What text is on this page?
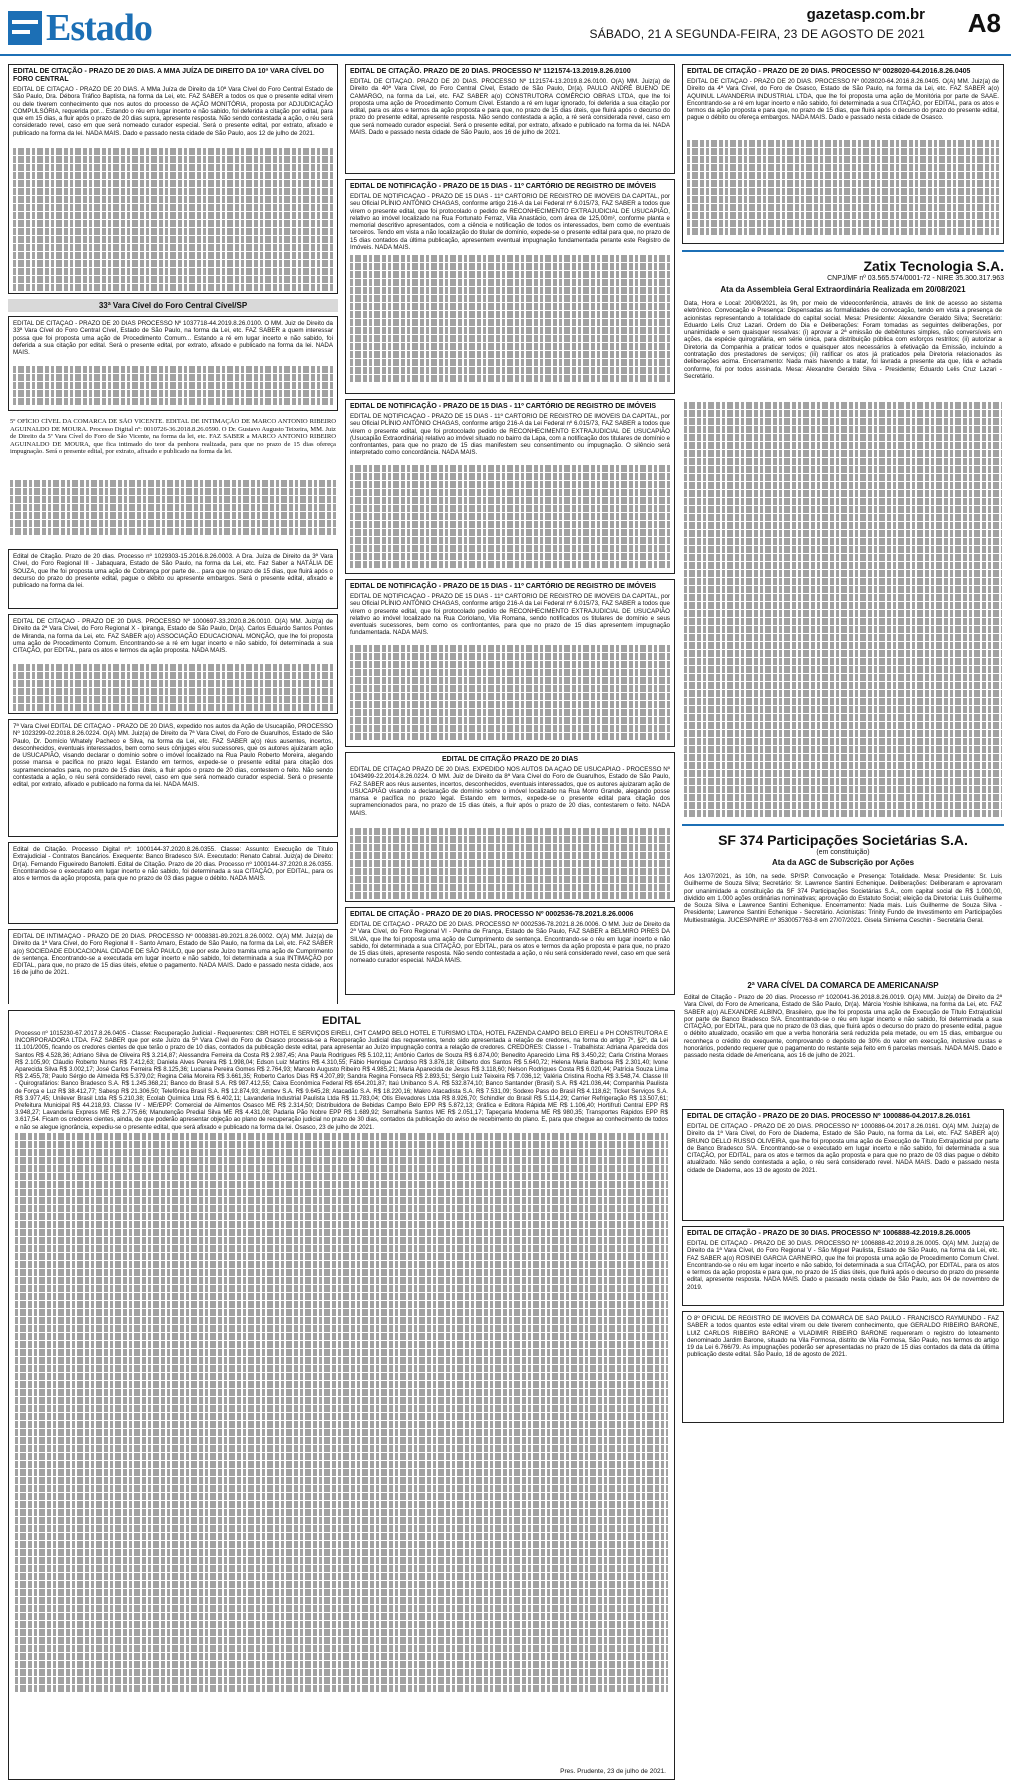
Estado	gazetasp.com.br
SÁBADO, 21 A SEGUNDA-FEIRA, 23 DE AGOSTO DE 2021 A8
EDITAL DE CITAÇÃO - PRAZO DE 20 DIAS. A MMA JUÍZA DE DIREITO DA 10ª VARA CÍVEL DO FORO CENTRAL
EDITAL DE CITAÇÃO - PRAZO DE 20 DIAS. A MMa Juíza de Direito da 10ª Vara Cível do Foro Central Estado de São Paulo, Dra. Débora Tráfico Baptista, na forma da Lei, etc. FAZ SABER a todos os que o presente edital virem ou dele tiverem conhecimento que nos autos do processo de AÇÃO MONITÓRIA, proposta por ADJUDICAÇÃO COMPULSÓRIA, requerida por... Estando o réu em lugar incerto e não sabido, foi deferida a citação por edital, para que em 15 dias, a fluir após o prazo de 20 dias supra, apresente resposta. Não sendo contestada a ação, o réu será considerado revel, caso em que será nomeado curador especial. Será o presente edital, por extrato, afixado e publicado na forma da lei. NADA MAIS. Dado e passado nesta cidade de São Paulo, aos 12 de julho de 2021.
33ª Vara Cível do Foro Central Cível/SP
EDITAL DE CITAÇÃO - PRAZO DE 20 DIAS PROCESSO Nº 1037718-44.2019.8.26.0100. O MM. Juiz de Direito da 33ª Vara Cível do Foro Central Cível, Estado de São Paulo, na forma da Lei, etc. FAZ SABER a quem interessar possa que foi proposta uma ação de Procedimento Comum... Estando a ré em lugar incerto e não sabido, foi deferida a sua citação por edital. Será o presente edital, por extrato, afixado e publicado na forma da lei. NADA MAIS.
5º OFÍCIO CÍVEL DA COMARCA DE SÃO VICENTE. EDITAL DE INTIMAÇÃO DE MARCO ANTONIO RIBEIRO AGUINALDO DE MOURA. Processo Digital nº: 0010726-36.2018.8.26.0590. O Dr. Gustavo Augusto Teixeira, MM. Juiz de Direito da 5ª Vara Cível do Foro de São Vicente, na forma da lei, etc. FAZ SABER a MARCO ANTONIO RIBEIRO AGUINALDO DE MOURA, que fica intimado do teor da penhora realizada, para que no prazo de 15 dias ofereça impugnação. Será o presente edital, por extrato, afixado e publicado na forma da lei.
Edital de Citação. Prazo de 20 dias. Processo nº 1029303-15.2016.8.26.0003. A Dra. Juíza de Direito da 3ª Vara Cível, do Foro Regional III - Jabaquara, Estado de São Paulo, na forma da Lei, etc. Faz Saber a NATÁLIA DE SOUZA, que lhe foi proposta uma ação de Cobrança por parte de... para que no prazo de 15 dias, que fluirá após o decurso do prazo do presente edital, pague o débito ou apresente embargos. Será o presente edital, afixado e publicado na forma da lei.
EDITAL DE CITAÇÃO - PRAZO DE 20 DIAS. PROCESSO Nº 1000697-33.2020.8.26.0010. O(A) MM. Juiz(a) de Direito da 2ª Vara Cível, do Foro Regional X - Ipiranga, Estado de São Paulo, Dr(a). Carlos Eduardo Santos Pontes de Miranda, na forma da Lei, etc. FAZ SABER a(o) ASSOCIAÇÃO EDUCACIONAL MONÇÃO, que lhe foi proposta uma ação de Procedimento Comum. Encontrando-se a ré em lugar incerto e não sabido, foi determinada a sua CITAÇÃO, por EDITAL, para os atos e termos da ação proposta. NADA MAIS.
7ª Vara Cível EDITAL DE CITAÇÃO - PRAZO DE 20 DIAS, expedido nos autos da Ação de Usucapião, PROCESSO Nº 1023299-02.2018.8.26.0224. O(A) MM. Juiz(a) de Direito da 7ª Vara Cível, do Foro de Guarulhos, Estado de São Paulo, Dr. Domício Whately Pacheco e Silva, na forma da Lei, etc. FAZ SABER a(o) réus ausentes, incertos, desconhecidos, eventuais interessados, bem como seus cônjuges e/ou sucessores, que os autores ajuizaram ação de USUCAPIÃO, visando declarar o domínio sobre o imóvel localizado na Rua Paulo Roberto Moreira, alegando posse mansa e pacífica no prazo legal. Estando em termos, expede-se o presente edital para citação dos supramencionados para, no prazo de 15 dias úteis, a fluir após o prazo de 20 dias, contestem o feito. Não sendo contestada a ação, o réu será considerado revel, caso em que será nomeado curador especial. Será o presente edital, por extrato, afixado e publicado na forma da lei. NADA MAIS.
Edital de Citação. Processo Digital nº: 1000144-37.2020.8.26.0355. Classe: Assunto: Execução de Título Extrajudicial - Contratos Bancários. Exequente: Banco Bradesco S/A. Executado: Renato Cabral. Juiz(a) de Direito: Dr(a). Fernando Figueiredo Bartoletti. Edital de Citação. Prazo de 20 dias. Processo nº 1000144-37.2020.8.26.0355. Encontrando-se o executado em lugar incerto e não sabido, foi determinada a sua CITAÇÃO, por EDITAL, para os atos e termos da ação proposta, para que no prazo de 03 dias pague o débito. NADA MAIS.
EDITAL DE INTIMAÇÃO - PRAZO DE 20 DIAS. PROCESSO Nº 0008381-89.2021.8.26.0002. O(A) MM. Juiz(a) de Direito da 1ª Vara Cível, do Foro Regional II - Santo Amaro, Estado de São Paulo, na forma da Lei, etc. FAZ SABER a(o) SOCIEDADE EDUCACIONAL CIDADE DE SÃO PAULO, que por este Juízo tramita uma ação de Cumprimento de sentença. Encontrando-se a executada em lugar incerto e não sabido, foi determinada a sua INTIMAÇÃO por EDITAL, para que, no prazo de 15 dias úteis, efetue o pagamento. NADA MAIS. Dado e passado nesta cidade, aos 16 de julho de 2021.
EDITAL DE CITAÇÃO. PRAZO DE 20 DIAS. PROCESSO Nº 1121574-13.2019.8.26.0100
EDITAL DE CITAÇÃO. PRAZO DE 20 DIAS. PROCESSO Nº 1121574-13.2019.8.26.0100. O(A) MM. Juiz(a) de Direito da 40ª Vara Cível, do Foro Central Cível, Estado de São Paulo, Dr(a). PAULO ANDRÉ BUENO DE CAMARGO, na forma da Lei, etc. FAZ SABER a(o) CONSTRUTORA COMÉRCIO OBRAS LTDA, que lhe foi proposta uma ação de Procedimento Comum Cível. Estando a ré em lugar ignorado, foi deferida a sua citação por edital, para os atos e termos da ação proposta e para que, no prazo de 15 dias úteis, que fluirá após o decurso do prazo do presente edital, apresente resposta. Não sendo contestada a ação, a ré será considerada revel, caso em que será nomeado curador especial. Será o presente edital, por extrato, afixado e publicado na forma da lei. NADA MAIS. Dado e passado nesta cidade de São Paulo, aos 16 de julho de 2021.
EDITAL DE NOTIFICAÇÃO - PRAZO DE 15 DIAS - 11º CARTÓRIO DE REGISTRO DE IMÓVEIS
EDITAL DE NOTIFICAÇÃO - PRAZO DE 15 DIAS - 11º CARTÓRIO DE REGISTRO DE IMÓVEIS DA CAPITAL, por seu Oficial PLÍNIO ANTÔNIO CHAGAS, conforme artigo 216-A da Lei Federal nº 6.015/73, FAZ SABER a todos que virem o presente edital, que foi protocolado o pedido de RECONHECIMENTO EXTRAJUDICIAL DE USUCAPIÃO, relativo ao imóvel localizado na Rua Fortunato Ferraz, Vila Anastácio, com área de 125,00m², conforme planta e memorial descritivo apresentados, com a ciência e notificação de todos os interessados, bem como de eventuais terceiros. Tendo em vista a não localização do titular de domínio, expede-se o presente edital para que, no prazo de 15 dias contados da última publicação, apresentem eventual impugnação fundamentada perante este Registro de Imóveis. NADA MAIS.
EDITAL DE NOTIFICAÇÃO - PRAZO DE 15 DIAS - 11º CARTÓRIO DE REGISTRO DE IMÓVEIS
EDITAL DE NOTIFICAÇÃO - PRAZO DE 15 DIAS - 11º CARTÓRIO DE REGISTRO DE IMÓVEIS DA CAPITAL, por seu Oficial PLÍNIO ANTÔNIO CHAGAS, conforme artigo 216-A da Lei Federal nº 6.015/73, FAZ SABER a todos que virem o presente edital, que foi protocolado pedido de RECONHECIMENTO EXTRAJUDICIAL DE USUCAPIÃO (Usucapião Extraordinária) relativo ao imóvel situado no bairro da Lapa, com a notificação dos titulares de domínio e confrontantes, para que no prazo de 15 dias manifestem seu consentimento ou impugnação. O silêncio será interpretado como concordância. NADA MAIS.
EDITAL DE NOTIFICAÇÃO - PRAZO DE 15 DIAS - 11º CARTÓRIO DE REGISTRO DE IMÓVEIS
EDITAL DE NOTIFICAÇÃO - PRAZO DE 15 DIAS - 11º CARTÓRIO DE REGISTRO DE IMÓVEIS DA CAPITAL, por seu Oficial PLÍNIO ANTÔNIO CHAGAS, conforme artigo 216-A da Lei Federal nº 6.015/73, FAZ SABER a todos que virem o presente edital, que foi protocolado pedido de RECONHECIMENTO EXTRAJUDICIAL DE USUCAPIÃO relativo ao imóvel localizado na Rua Coriolano, Vila Romana, sendo notificados os titulares de domínio e seus eventuais sucessores, bem como os confrontantes, para que no prazo de 15 dias apresentem impugnação fundamentada. NADA MAIS.
EDITAL DE CITAÇÃO PRAZO DE 20 DIAS
EDITAL DE CITAÇÃO PRAZO DE 20 DIAS. EXPEDIDO NOS AUTOS DA AÇÃO DE USUCAPIÃO - PROCESSO Nº 1043499-22.2014.8.26.0224. O MM. Juiz de Direito da 8ª Vara Cível do Foro de Guarulhos, Estado de São Paulo, FAZ SABER aos réus ausentes, incertos, desconhecidos, eventuais interessados, que os autores ajuizaram ação de USUCAPIÃO visando a declaração de domínio sobre o imóvel localizado na Rua Morro Grande, alegando posse mansa e pacífica no prazo legal. Estando em termos, expede-se o presente edital para citação dos supramencionados para, no prazo de 15 dias úteis, a fluir após o prazo de 20 dias, contestarem o feito. NADA MAIS.
EDITAL DE CITAÇÃO - PRAZO DE 20 DIAS. PROCESSO Nº 0002536-78.2021.8.26.0006
EDITAL DE CITAÇÃO - PRAZO DE 20 DIAS. PROCESSO Nº 0002536-78.2021.8.26.0006. O MM. Juiz de Direito da 2ª Vara Cível, do Foro Regional VI - Penha de França, Estado de São Paulo, FAZ SABER a BELMIRO PIRES DA SILVA, que lhe foi proposta uma ação de Cumprimento de sentença. Encontrando-se o réu em lugar incerto e não sabido, foi determinada a sua CITAÇÃO, por EDITAL, para os atos e termos da ação proposta e para que, no prazo de 15 dias úteis, apresente resposta. Não sendo contestada a ação, o réu será considerado revel, caso em que será nomeado curador especial. NADA MAIS.
EDITAL DE CITAÇÃO - PRAZO DE 20 DIAS. PROCESSO Nº 0028020-64.2016.8.26.0405
EDITAL DE CITAÇÃO - PRAZO DE 20 DIAS. PROCESSO Nº 0028020-64.2016.8.26.0405. O(A) MM. Juiz(a) de Direito da 4ª Vara Cível, do Foro de Osasco, Estado de São Paulo, na forma da Lei, etc. FAZ SABER a(o) AQUINUL LAVANDERIA INDUSTRIAL LTDA, que lhe foi proposta uma ação de Monitória por parte de SAAE. Encontrando-se a ré em lugar incerto e não sabido, foi determinada a sua CITAÇÃO, por EDITAL, para os atos e termos da ação proposta e para que, no prazo de 15 dias, que fluirá após o decurso do prazo do presente edital, pague o débito ou ofereça embargos. NADA MAIS. Dado e passado nesta cidade de Osasco.
Zatix Tecnologia S.A.
CNPJ/MF nº 03.565.574/0001-72 - NIRE 35.300.317.963
Ata da Assembleia Geral Extraordinária Realizada em 20/08/2021
Data, Hora e Local: 20/08/2021, às 9h, por meio de videoconferência, através de link de acesso ao sistema eletrônico. Convocação e Presença: Dispensadas as formalidades de convocação, tendo em vista a presença de acionistas representando a totalidade do capital social. Mesa: Presidente: Alexandre Geraldo Silva; Secretário: Eduardo Lelis Cruz Lazari. Ordem do Dia e Deliberações: Foram tomadas as seguintes deliberações, por unanimidade e sem quaisquer ressalvas: (i) aprovar a 2ª emissão de debêntures simples, não conversíveis em ações, da espécie quirografária, em série única, para distribuição pública com esforços restritos; (ii) autorizar a Diretoria da Companhia a praticar todos e quaisquer atos necessários à efetivação da Emissão, incluindo a contratação dos prestadores de serviços; (iii) ratificar os atos já praticados pela Diretoria relacionados às deliberações acima. Encerramento: Nada mais havendo a tratar, foi lavrada a presente ata que, lida e achada conforme, foi por todos assinada. Mesa: Alexandre Geraldo Silva - Presidente; Eduardo Lelis Cruz Lazari - Secretário.
SF 374 Participações Societárias S.A.
(em constituição)
Ata da AGC de Subscrição por Ações
Aos 13/07/2021, às 10h, na sede. SP/SP. Convocação e Presença: Totalidade. Mesa: Presidente: Sr. Luis Guilherme de Souza Silva; Secretário: Sr. Lawrence Santini Echenique. Deliberações: Deliberaram e aprovaram por unanimidade a constituição da SF 374 Participações Societárias S.A., com capital social de R$ 1.000,00, dividido em 1.000 ações ordinárias nominativas; aprovação do Estatuto Social; eleição da Diretoria: Luis Guilherme de Souza Silva e Lawrence Santini Echenique. Encerramento: Nada mais. Luis Guilherme de Souza Silva - Presidente; Lawrence Santini Echenique - Secretário. Acionistas: Trinity Fundo de Investimento em Participações Multiestratégia. JUCESP/NIRE nº 3530057763-8 em 27/07/2021. Gisela Simiema Ceschin - Secretária Geral.
2ª VARA CÍVEL DA COMARCA DE AMERICANA/SP
Edital de Citação - Prazo de 20 dias. Processo nº 1020041-36.2018.8.26.0019. O(A) MM. Juiz(a) de Direito da 2ª Vara Cível, do Foro de Americana, Estado de São Paulo, Dr(a). Márcia Yoshie Ishikawa, na forma da Lei, etc. FAZ SABER a(o) ALEXANDRE ALBINO, Brasileiro, que lhe foi proposta uma ação de Execução de Título Extrajudicial por parte de Banco Bradesco S/A. Encontrando-se o réu em lugar incerto e não sabido, foi determinada a sua CITAÇÃO, por EDITAL, para que no prazo de 03 dias, que fluirá após o decurso do prazo do presente edital, pague o débito atualizado, ocasião em que a verba honorária será reduzida pela metade, ou em 15 dias, embargue ou reconheça o crédito do exequente, comprovando o depósito de 30% do valor em execução, inclusive custas e honorários, podendo requerer que o pagamento do restante seja feito em 6 parcelas mensais. NADA MAIS. Dado e passado nesta cidade de Americana, aos 16 de julho de 2021.
EDITAL DE CITAÇÃO - PRAZO DE 20 DIAS. PROCESSO Nº 1000886-04.2017.8.26.0161
EDITAL DE CITAÇÃO - PRAZO DE 20 DIAS. PROCESSO Nº 1000886-04.2017.8.26.0161. O(A) MM. Juiz(a) de Direito da 1ª Vara Cível, do Foro de Diadema, Estado de São Paulo, na forma da Lei, etc. FAZ SABER a(o) BRUNO DELLO RUSSO OLIVEIRA, que lhe foi proposta uma ação de Execução de Título Extrajudicial por parte de Banco Bradesco S/A. Encontrando-se o executado em lugar incerto e não sabido, foi determinada a sua CITAÇÃO, por EDITAL, para os atos e termos da ação proposta e para que no prazo de 03 dias pague o débito atualizado. Não sendo contestada a ação, o réu será considerado revel. NADA MAIS. Dado e passado nesta cidade de Diadema, aos 13 de agosto de 2021.
EDITAL DE CITAÇÃO - PRAZO DE 30 DIAS. PROCESSO Nº 1006888-42.2019.8.26.0005
EDITAL DE CITAÇÃO - PRAZO DE 30 DIAS. PROCESSO Nº 1006888-42.2019.8.26.0005. O(A) MM. Juiz(a) de Direito da 1ª Vara Cível, do Foro Regional V - São Miguel Paulista, Estado de São Paulo, na forma da Lei, etc. FAZ SABER a(o) ROSINEI GARCIA CARNEIRO, que lhe foi proposta uma ação de Procedimento Comum Cível. Encontrando-se o réu em lugar incerto e não sabido, foi determinada a sua CITAÇÃO, por EDITAL, para os atos e termos da ação proposta e para que, no prazo de 15 dias úteis, que fluirá após o decurso do prazo do presente edital, apresente resposta. NADA MAIS. Dado e passado nesta cidade de São Paulo, aos 04 de novembro de 2019.
O 8º OFICIAL DE REGISTRO DE IMÓVEIS DA COMARCA DE SÃO PAULO - FRANCISCO RAYMUNDO - FAZ SABER a todos quantos este edital virem ou dele tiverem conhecimento, que GERALDO RIBEIRO BARONE, LUIZ CARLOS RIBEIRO BARONE e VLADIMIR RIBEIRO BARONE requereram o registro do loteamento denominado Jardim Barone, situado na Vila Formosa, distrito de Vila Formosa, São Paulo, nos termos do artigo 19 da Lei 6.766/79. As impugnações poderão ser apresentadas no prazo de 15 dias contados da data da última publicação deste edital. São Paulo, 18 de agosto de 2021.
EDITAL
Processo nº 1015230-67.2017.8.26.0405 - Classe: Recuperação Judicial - Requerentes: CBR HOTEL E SERVIÇOS EIRELI, CHT CAMPO BELO HOTEL E TURISMO LTDA, HOTEL FAZENDA CAMPO BELO EIRELI e PH CONSTRUTORA E INCORPORADORA LTDA. FAZ SABER que por este Juízo da 5ª Vara Cível do Foro de Osasco processa-se a Recuperação Judicial das requerentes, tendo sido apresentada a relação de credores, na forma do artigo 7º, §2º, da Lei 11.101/2005, ficando os credores cientes de que terão o prazo de 10 dias, contados da publicação deste edital, para apresentar ao Juízo impugnação contra a relação de credores. CREDORES: Classe I - Trabalhista: Adriana Aparecida dos Santos R$ 4.528,36; Adriano Silva de Oliveira R$ 3.214,87; Alessandra Ferreira da Costa R$ 2.987,45; Ana Paula Rodrigues R$ 5.102,11; Antônio Carlos de Souza R$ 6.874,00; Benedito Aparecido Lima R$ 3.450,22; Carla Cristina Moraes R$ 2.105,90; Cláudio Roberto Nunes R$ 7.412,63; Daniela Alves Pereira R$ 1.998,04; Edson Luiz Martins R$ 4.310,55; Fábio Henrique Cardoso R$ 3.876,18; Gilberto dos Santos R$ 5.640,72; Helena Maria Barbosa R$ 2.301,40; Ivone Aparecida Silva R$ 3.002,17; José Carlos Ferreira R$ 8.125,36; Luciana Pereira Gomes R$ 2.764,93; Marcelo Augusto Ribeiro R$ 4.985,21; Maria Aparecida de Jesus R$ 3.118,60; Nelson Rodrigues Costa R$ 6.020,44; Patrícia Souza Lima R$ 2.455,78; Paulo Sérgio de Almeida R$ 5.379,02; Regina Célia Moreira R$ 3.661,35; Roberto Carlos Dias R$ 4.207,89; Sandra Regina Fonseca R$ 2.893,51; Sérgio Luiz Teixeira R$ 7.036,12; Valéria Cristina Rocha R$ 3.548,74. Classe III - Quirografários: Banco Bradesco S.A. R$ 1.245.368,21; Banco do Brasil S.A. R$ 987.412,55; Caixa Econômica Federal R$ 654.201,87; Itaú Unibanco S.A. R$ 532.874,10; Banco Santander (Brasil) S.A. R$ 421.036,44; Companhia Paulista de Força e Luz R$ 38.412,77; Sabesp R$ 21.306,50; Telefônica Brasil S.A. R$ 12.874,93; Ambev S.A. R$ 9.645,28; Atacadão S.A. R$ 18.220,16; Makro Atacadista S.A. R$ 7.531,09; Sodexo Pass do Brasil R$ 4.118,62; Ticket Serviços S.A. R$ 3.977,45; Unilever Brasil Ltda R$ 5.210,38; Ecolab Química Ltda R$ 6.402,11; Lavanderia Industrial Paulista Ltda R$ 11.783,04; Otis Elevadores Ltda R$ 8.926,70; Schindler do Brasil R$ 5.114,29; Carrier Refrigeração R$ 13.507,61; Prefeitura Municipal R$ 44.218,93. Classe IV - ME/EPP: Comercial de Alimentos Osasco ME R$ 2.314,50; Distribuidora de Bebidas Campo Belo EPP R$ 5.872,13; Gráfica e Editora Rápida ME R$ 1.106,40; Hortifruti Central EPP R$ 3.948,27; Lavanderia Express ME R$ 2.775,66; Manutenção Predial Silva ME R$ 4.431,08; Padaria Pão Nobre EPP R$ 1.689,92; Serralheria Santos ME R$ 2.051,17; Tapeçaria Moderna ME R$ 980,35; Transportes Rápidos EPP R$ 3.617,54. Ficam os credores cientes, ainda, de que poderão apresentar objeção ao plano de recuperação judicial no prazo de 30 dias, contados da publicação do aviso de recebimento do plano. E, para que chegue ao conhecimento de todos e não se alegue ignorância, expediu-se o presente edital, que será afixado e publicado na forma da lei. Osasco, 23 de julho de 2021.
Pres. Prudente, 23 de julho de 2021.
